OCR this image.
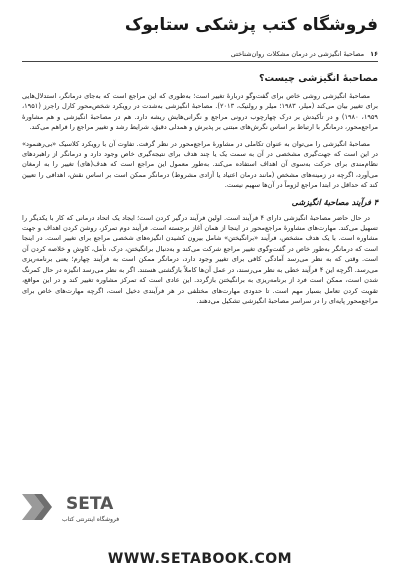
فروشگاه کتب پزشکی ستابوک
۱۶
مصاحبهٔ انگیزشی در درمان مشکلات روان‌شناختی
مصاحبهٔ انگیزشی چیست؟

مصاحبهٔ انگیزشی روشی خاص برای گفت‌وگو دربارهٔ تغییر است؛ به‌طوری که این مراجع است که به‌جای درمانگر، استدلال‌هایی برای تغییر بیان می‌کند (میلر، ۱۹۸۳؛ میلر و رولنیک، ۲۰۱۳). مصاحبهٔ انگیزشی به‌شدت در رویکرد شخص‌محور کارل راجرز (۱۹۵۱، ۱۹۵۹، ۱۹۸۰) و در تأکیدش بر درک چهارچوب درونی مراجع و نگرانی‌هایش ریشه دارد. هم در مصاحبهٔ انگیزشی و هم مشاورهٔ مراجع‌محور، درمانگر با ارتباط بر اساس نگرش‌های مبتنی بر پذیرش و همدلی دقیق، شرایط رشد و تغییر مراجع را فراهم می‌کند.

مصاحبهٔ انگیزشی را می‌توان به عنوان تکاملی در مشاورهٔ مراجع‌محور در نظر گرفت. تفاوت آن با رویکرد کلاسیک «بی‌رهنمود» در این است که جهت‌گیری مشخصی در آن به سمت یک یا چند هدف برای نتیجه‌گیری خاص وجود دارد و درمانگر از راهبردهای نظام‌مندی برای حرکت به‌سوی آن اهداف استفاده می‌کند. به‌طور معمول این مراجع است که هدف(های) تغییر را به ارمغان می‌آورد، اگرچه در زمینه‌های مشخص (مانند درمان اعتیاد یا آزادی مشروط) درمانگر ممکن است بر اساس نقش، اهدافی را تعیین کند که حداقل در ابتدا مراجع لزوماً در آن‌ها سهیم نیست.

۴ فرآیند مصاحبهٔ انگیزشی

در حال حاضر مصاحبهٔ انگیزشی دارای ۴ فرآیند است. اولین فرآیند درگیر کردن است؛ ایجاد یک اتحاد درمانی که کار با یکدیگر را تسهیل می‌کند. مهارت‌های مشاورهٔ مراجع‌محور در اینجا از همان آغاز برجسته است. فرآیند دوم تمرکز، روشن کردن اهداف و جهت مشاوره است. با یک هدف مشخص، فرآیند «برانگیختن» شامل بیرون کشیدن انگیزه‌های شخصی مراجع برای تغییر است. در اینجا است که درمانگر به‌طور خاص در گفت‌وگوی تغییر مراجع شرکت می‌کند و به‌دنبال برانگیختن، درک، تأمل، کاوش و خلاصه کردن آن است. وقتی که به نظر می‌رسد آمادگی کافی برای تغییر وجود دارد، درمانگر ممکن است به فرآیند چهارم؛ یعنی برنامه‌ریزی می‌رسد. اگرچه این ۴ فرآیند خطی به نظر می‌رسند، در عمل آن‌ها کاملاً بازگشتی هستند. اگر به نظر می‌رسد انگیزه در حال کمرنگ شدن است، ممکن است فرد از برنامه‌ریزی به برانگیختن بازگردد. این عادی است که تمرکز مشاوره تغییر کند و در این مواقع، تقویت کردن تعامل بسیار مهم است. تا حدودی مهارت‌های مختلفی در هر فرآیندی دخیل است، اگرچه مهارت‌های خاص برای مراجع‌محور پایه‌ای را در سراسر مصاحبهٔ انگیزشی تشکیل می‌دهند.

SETA
فروشگاه اینترنتی کتاب
WWW.SETABOOK.COM
